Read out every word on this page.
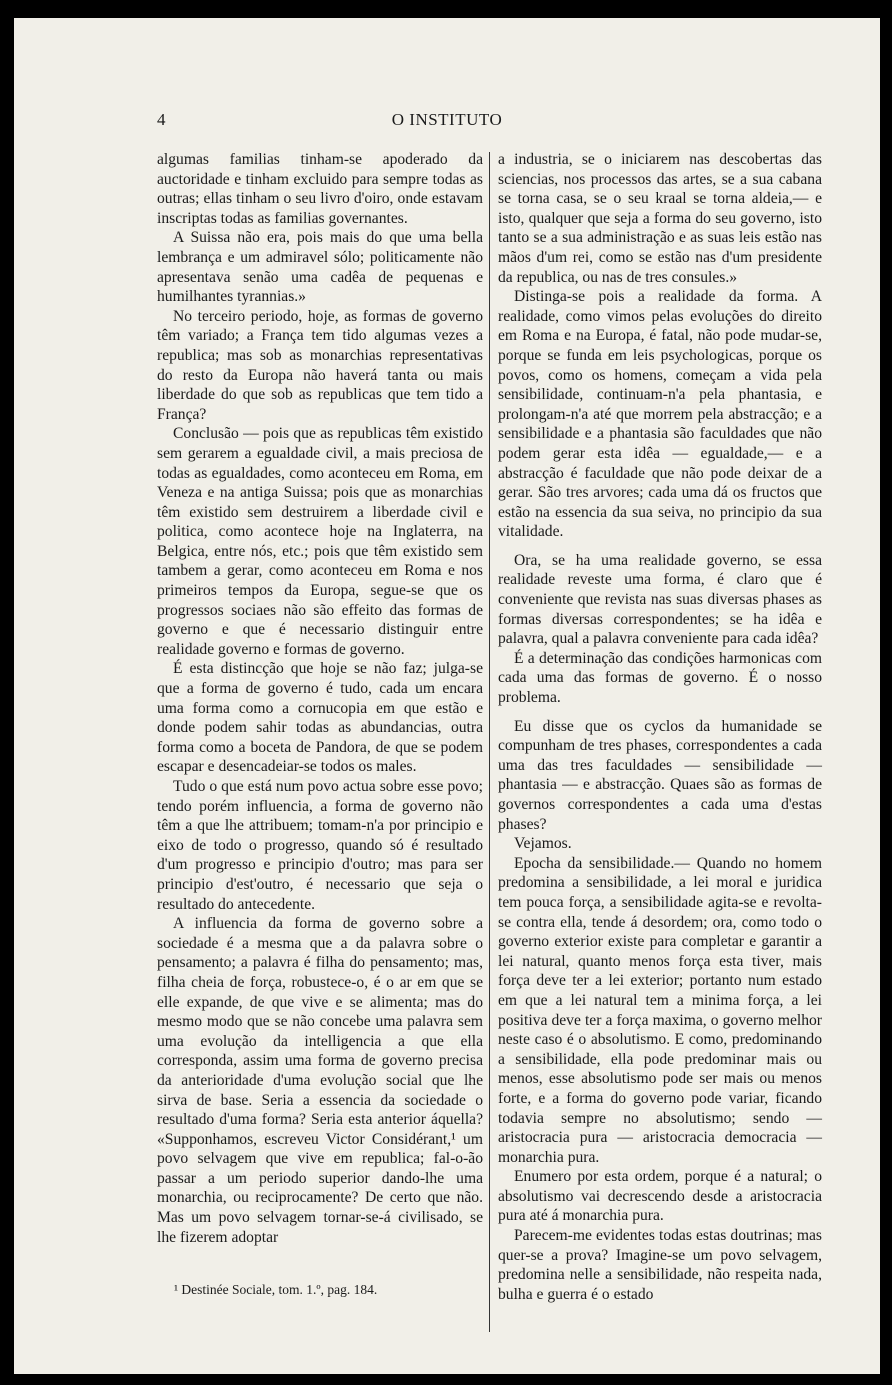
4	O INSTITUTO

algumas familias tinham-se apoderado da auctoridade e tinham excluido para sempre todas as outras; ellas tinham o seu livro d'oiro, onde estavam inscriptas todas as familias governantes.

A Suissa não era, pois mais do que uma bella lembrança e um admiravel sólo; politicamente não apresentava senão uma cadêa de pequenas e humilhantes tyrannias.»

No terceiro periodo, hoje, as formas de governo têm variado; a França tem tido algumas vezes a republica; mas sob as monarchias representativas do resto da Europa não haverá tanta ou mais liberdade do que sob as republicas que tem tido a França?

Conclusão — pois que as republicas têm existido sem gerarem a egualdade civil, a mais preciosa de todas as egualdades, como aconteceu em Roma, em Veneza e na antiga Suissa; pois que as monarchias têm existido sem destruirem a liberdade civil e politica, como acontece hoje na Inglaterra, na Belgica, entre nós, etc.; pois que têm existido sem tambem a gerar, como aconteceu em Roma e nos primeiros tempos da Europa, segue-se que os progressos sociaes não são effeito das formas de governo e que é necessario distinguir entre realidade governo e formas de governo.

É esta distincção que hoje se não faz; julga-se que a forma de governo é tudo, cada um encara uma forma como a cornucopia em que estão e donde podem sahir todas as abundancias, outra forma como a boceta de Pandora, de que se podem escapar e desencadeiar-se todos os males.

Tudo o que está num povo actua sobre esse povo; tendo porém influencia, a forma de governo não têm a que lhe attribuem; tomam-n'a por principio e eixo de todo o progresso, quando só é resultado d'um progresso e principio d'outro; mas para ser principio d'est'outro, é necessario que seja o resultado do antecedente.

A influencia da forma de governo sobre a sociedade é a mesma que a da palavra sobre o pensamento; a palavra é filha do pensamento; mas, filha cheia de força, robustece-o, é o ar em que se elle expande, de que vive e se alimenta; mas do mesmo modo que se não concebe uma palavra sem uma evolução da intelligencia a que ella corresponda, assim uma forma de governo precisa da anterioridade d'uma evolução social que lhe sirva de base. Seria a essencia da sociedade o resultado d'uma forma? Seria esta anterior áquella? «Supponhamos, escreveu Victor Considérant,¹ um povo selvagem que vive em republica; fal-o-ão passar a um periodo superior dando-lhe uma monarchia, ou reciprocamente? De certo que não. Mas um povo selvagem tornar-se-á civilisado, se lhe fizerem adoptar

a industria, se o iniciarem nas descobertas das sciencias, nos processos das artes, se a sua cabana se torna casa, se o seu kraal se torna aldeia,— e isto, qualquer que seja a forma do seu governo, isto tanto se a sua administração e as suas leis estão nas mãos d'um rei, como se estão nas d'um presidente da republica, ou nas de tres consules.»

Distinga-se pois a realidade da forma. A realidade, como vimos pelas evoluções do direito em Roma e na Europa, é fatal, não pode mudar-se, porque se funda em leis psychologicas, porque os povos, como os homens, começam a vida pela sensibilidade, continuam-n'a pela phantasia, e prolongam-n'a até que morrem pela abstracção; e a sensibilidade e a phantasia são faculdades que não podem gerar esta idêa — egualdade,— e a abstracção é faculdade que não pode deixar de a gerar. São tres arvores; cada uma dá os fructos que estão na essencia da sua seiva, no principio da sua vitalidade.

Ora, se ha uma realidade governo, se essa realidade reveste uma forma, é claro que é conveniente que revista nas suas diversas phases as formas diversas correspondentes; se ha idêa e palavra, qual a palavra conveniente para cada idêa?

É a determinação das condições harmonicas com cada uma das formas de governo. É o nosso problema.

Eu disse que os cyclos da humanidade se compunham de tres phases, correspondentes a cada uma das tres faculdades — sensibilidade — phantasia — e abstracção. Quaes são as formas de governos correspondentes a cada uma d'estas phases?

Vejamos.

Epocha da sensibilidade.— Quando no homem predomina a sensibilidade, a lei moral e juridica tem pouca força, a sensibilidade agita-se e revolta-se contra ella, tende á desordem; ora, como todo o governo exterior existe para completar e garantir a lei natural, quanto menos força esta tiver, mais força deve ter a lei exterior; portanto num estado em que a lei natural tem a minima força, a lei positiva deve ter a força maxima, o governo melhor neste caso é o absolutismo. E como, predominando a sensibilidade, ella pode predominar mais ou menos, esse absolutismo pode ser mais ou menos forte, e a forma do governo pode variar, ficando todavia sempre no absolutismo; sendo — aristocracia pura — aristocracia democracia — monarchia pura.

Enumero por esta ordem, porque é a natural; o absolutismo vai decrescendo desde a aristocracia pura até á monarchia pura.

Parecem-me evidentes todas estas doutrinas; mas quer-se a prova? Imagine-se um povo selvagem, predomina nelle a sensibilidade, não respeita nada, bulha e guerra é o estado

¹ Destinée Sociale, tom. 1.º, pag. 184.
